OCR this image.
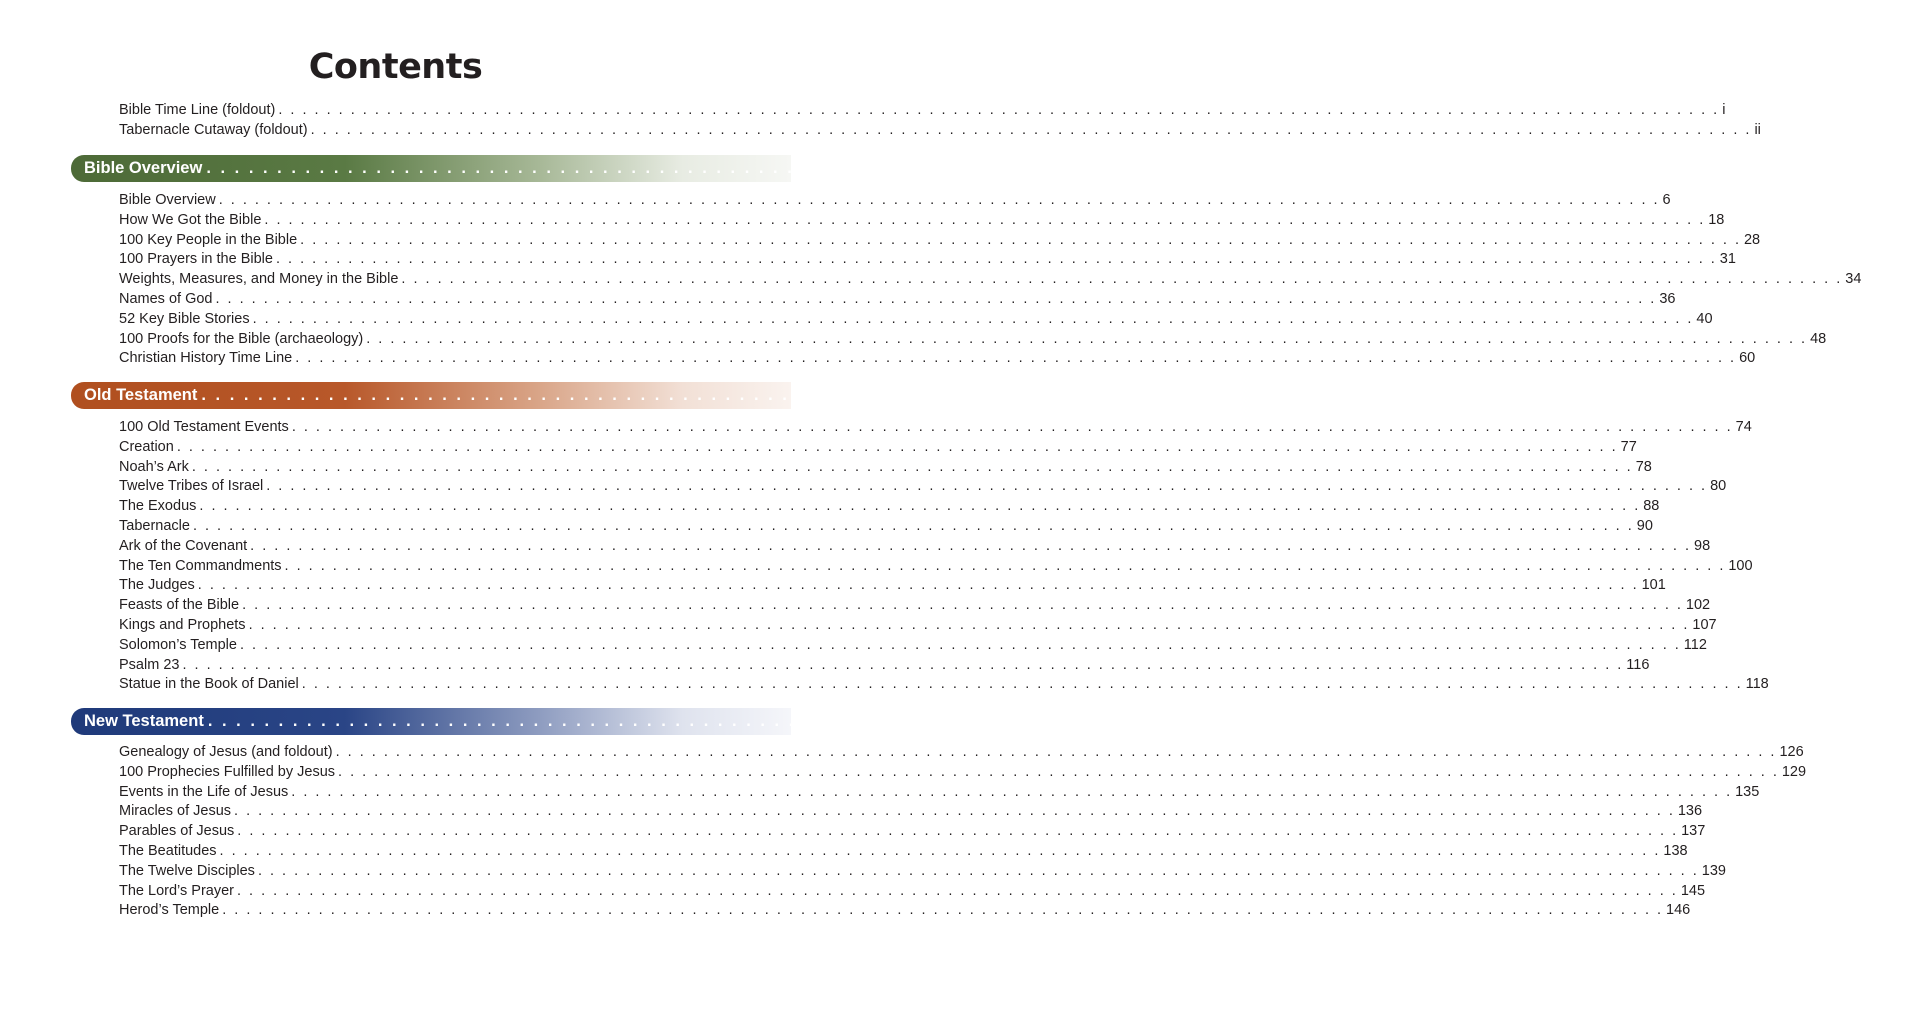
Contents
Bible Time Line (foldout) . . . . . . . . . . . . . . . . . . . . . . . . . . . . . . . . . . . . . . . . . . . . . . . . . . . . . . . . . . . . . . . . . . . . . . . . . . . . . . . . . . . . . . . . . . . . . . . . . . . . . . . . . . . . . . . . . . . . . . . . i
Tabernacle Cutaway (foldout) . . . . . . . . . . . . . . . . . . . . . . . . . . . . . . . . . . . . . . . . . . . . . . . . . . . . . . . . . . . . . . . . . . . . . . . . . . . . . . . . . . . . . . . . . . . . . . . . . . . . . . . . . . . . . . . . . . . . . . . . ii
Bible Overview . . . . . . . . . . . . . . . . . . . . . . . . . . . . . . . . . . . . . . . . . . . . . . . . . . . . . . . . . . . . . . . . . . . . . . . . . . . . . . . . . . . . . . . . . . . . . . . . . . . . . . . . . . . . . . . . . . . . . . . . 5
Bible Overview . . . . . . . . . . . . . . . . . . . . . . . . . . . . . . . . . . . . . . . . . . . . . . . . . . . . . . . . . . . . . . . . . . . . . . . . . . . . . . . . . . . . . . . . . . . . . . . . . . . . . . . . . . . . . . . . . . . . . . . . 6
How We Got the Bible . . . . . . . . . . . . . . . . . . . . . . . . . . . . . . . . . . . . . . . . . . . . . . . . . . . . . . . . . . . . . . . . . . . . . . . . . . . . . . . . . . . . . . . . . . . . . . . . . . . . . . . . . . . . . . . . . . . . . . . . 18
100 Key People in the Bible . . . . . . . . . . . . . . . . . . . . . . . . . . . . . . . . . . . . . . . . . . . . . . . . . . . . . . . . . . . . . . . . . . . . . . . . . . . . . . . . . . . . . . . . . . . . . . . . . . . . . . . . . . . . . . . . . . . . . . . . 28
100 Prayers in the Bible . . . . . . . . . . . . . . . . . . . . . . . . . . . . . . . . . . . . . . . . . . . . . . . . . . . . . . . . . . . . . . . . . . . . . . . . . . . . . . . . . . . . . . . . . . . . . . . . . . . . . . . . . . . . . . . . . . . . . . . . 31
Weights, Measures, and Money in the Bible . . . . . . . . . . . . . . . . . . . . . . . . . . . . . . . . . . . . . . . . . . . . . . . . . . . . . . . . . . . . . . . . . . . . . . . . . . . . . . . . . . . . . . . . . . . . . . . . . . . . . . . . . . . . . . . . . . . . . . . . 34
Names of God . . . . . . . . . . . . . . . . . . . . . . . . . . . . . . . . . . . . . . . . . . . . . . . . . . . . . . . . . . . . . . . . . . . . . . . . . . . . . . . . . . . . . . . . . . . . . . . . . . . . . . . . . . . . . . . . . . . . . . . . 36
52 Key Bible Stories . . . . . . . . . . . . . . . . . . . . . . . . . . . . . . . . . . . . . . . . . . . . . . . . . . . . . . . . . . . . . . . . . . . . . . . . . . . . . . . . . . . . . . . . . . . . . . . . . . . . . . . . . . . . . . . . . . . . . . . . 40
100 Proofs for the Bible (archaeology) . . . . . . . . . . . . . . . . . . . . . . . . . . . . . . . . . . . . . . . . . . . . . . . . . . . . . . . . . . . . . . . . . . . . . . . . . . . . . . . . . . . . . . . . . . . . . . . . . . . . . . . . . . . . . . . . . . . . . . . . 48
Christian History Time Line . . . . . . . . . . . . . . . . . . . . . . . . . . . . . . . . . . . . . . . . . . . . . . . . . . . . . . . . . . . . . . . . . . . . . . . . . . . . . . . . . . . . . . . . . . . . . . . . . . . . . . . . . . . . . . . . . . . . . . . . 60
Old Testament . . . . . . . . . . . . . . . . . . . . . . . . . . . . . . . . . . . . . . . . . . . . . . . . . . . . . . . . . . . . . . . . . . . . . . . . . . . . . . . . . . . . . . . . . . . . . . . . . . . . . . . . . . . . . . . . . . . . . . . . 73
100 Old Testament Events . . . . . . . . . . . . . . . . . . . . . . . . . . . . . . . . . . . . . . . . . . . . . . . . . . . . . . . . . . . . . . . . . . . . . . . . . . . . . . . . . . . . . . . . . . . . . . . . . . . . . . . . . . . . . . . . . . . . . . . . 74
Creation . . . . . . . . . . . . . . . . . . . . . . . . . . . . . . . . . . . . . . . . . . . . . . . . . . . . . . . . . . . . . . . . . . . . . . . . . . . . . . . . . . . . . . . . . . . . . . . . . . . . . . . . . . . . . . . . . . . . . . . . 77
Noah’s Ark . . . . . . . . . . . . . . . . . . . . . . . . . . . . . . . . . . . . . . . . . . . . . . . . . . . . . . . . . . . . . . . . . . . . . . . . . . . . . . . . . . . . . . . . . . . . . . . . . . . . . . . . . . . . . . . . . . . . . . . . 78
Twelve Tribes of Israel . . . . . . . . . . . . . . . . . . . . . . . . . . . . . . . . . . . . . . . . . . . . . . . . . . . . . . . . . . . . . . . . . . . . . . . . . . . . . . . . . . . . . . . . . . . . . . . . . . . . . . . . . . . . . . . . . . . . . . . . 80
The Exodus . . . . . . . . . . . . . . . . . . . . . . . . . . . . . . . . . . . . . . . . . . . . . . . . . . . . . . . . . . . . . . . . . . . . . . . . . . . . . . . . . . . . . . . . . . . . . . . . . . . . . . . . . . . . . . . . . . . . . . . . 88
Tabernacle . . . . . . . . . . . . . . . . . . . . . . . . . . . . . . . . . . . . . . . . . . . . . . . . . . . . . . . . . . . . . . . . . . . . . . . . . . . . . . . . . . . . . . . . . . . . . . . . . . . . . . . . . . . . . . . . . . . . . . . . 90
Ark of the Covenant . . . . . . . . . . . . . . . . . . . . . . . . . . . . . . . . . . . . . . . . . . . . . . . . . . . . . . . . . . . . . . . . . . . . . . . . . . . . . . . . . . . . . . . . . . . . . . . . . . . . . . . . . . . . . . . . . . . . . . . . 98
The Ten Commandments . . . . . . . . . . . . . . . . . . . . . . . . . . . . . . . . . . . . . . . . . . . . . . . . . . . . . . . . . . . . . . . . . . . . . . . . . . . . . . . . . . . . . . . . . . . . . . . . . . . . . . . . . . . . . . . . . . . . . . . . 100
The Judges . . . . . . . . . . . . . . . . . . . . . . . . . . . . . . . . . . . . . . . . . . . . . . . . . . . . . . . . . . . . . . . . . . . . . . . . . . . . . . . . . . . . . . . . . . . . . . . . . . . . . . . . . . . . . . . . . . . . . . . . 101
Feasts of the Bible . . . . . . . . . . . . . . . . . . . . . . . . . . . . . . . . . . . . . . . . . . . . . . . . . . . . . . . . . . . . . . . . . . . . . . . . . . . . . . . . . . . . . . . . . . . . . . . . . . . . . . . . . . . . . . . . . . . . . . . . 102
Kings and Prophets . . . . . . . . . . . . . . . . . . . . . . . . . . . . . . . . . . . . . . . . . . . . . . . . . . . . . . . . . . . . . . . . . . . . . . . . . . . . . . . . . . . . . . . . . . . . . . . . . . . . . . . . . . . . . . . . . . . . . . . . 107
Solomon’s Temple . . . . . . . . . . . . . . . . . . . . . . . . . . . . . . . . . . . . . . . . . . . . . . . . . . . . . . . . . . . . . . . . . . . . . . . . . . . . . . . . . . . . . . . . . . . . . . . . . . . . . . . . . . . . . . . . . . . . . . . . 112
Psalm 23 . . . . . . . . . . . . . . . . . . . . . . . . . . . . . . . . . . . . . . . . . . . . . . . . . . . . . . . . . . . . . . . . . . . . . . . . . . . . . . . . . . . . . . . . . . . . . . . . . . . . . . . . . . . . . . . . . . . . . . . . 116
Statue in the Book of Daniel . . . . . . . . . . . . . . . . . . . . . . . . . . . . . . . . . . . . . . . . . . . . . . . . . . . . . . . . . . . . . . . . . . . . . . . . . . . . . . . . . . . . . . . . . . . . . . . . . . . . . . . . . . . . . . . . . . . . . . . . 118
New Testament . . . . . . . . . . . . . . . . . . . . . . . . . . . . . . . . . . . . . . . . . . . . . . . . . . . . . . . . . . . . . . . . . . . . . . . . . . . . . . . . . . . . . . . . . . . . . . . . . . . . . . . . . . . . . . . . . . . . . . . . 125
Genealogy of Jesus (and foldout) . . . . . . . . . . . . . . . . . . . . . . . . . . . . . . . . . . . . . . . . . . . . . . . . . . . . . . . . . . . . . . . . . . . . . . . . . . . . . . . . . . . . . . . . . . . . . . . . . . . . . . . . . . . . . . . . . . . . . . . . 126
100 Prophecies Fulfilled by Jesus . . . . . . . . . . . . . . . . . . . . . . . . . . . . . . . . . . . . . . . . . . . . . . . . . . . . . . . . . . . . . . . . . . . . . . . . . . . . . . . . . . . . . . . . . . . . . . . . . . . . . . . . . . . . . . . . . . . . . . . . 129
Events in the Life of Jesus . . . . . . . . . . . . . . . . . . . . . . . . . . . . . . . . . . . . . . . . . . . . . . . . . . . . . . . . . . . . . . . . . . . . . . . . . . . . . . . . . . . . . . . . . . . . . . . . . . . . . . . . . . . . . . . . . . . . . . . . 135
Miracles of Jesus . . . . . . . . . . . . . . . . . . . . . . . . . . . . . . . . . . . . . . . . . . . . . . . . . . . . . . . . . . . . . . . . . . . . . . . . . . . . . . . . . . . . . . . . . . . . . . . . . . . . . . . . . . . . . . . . . . . . . . . . 136
Parables of Jesus . . . . . . . . . . . . . . . . . . . . . . . . . . . . . . . . . . . . . . . . . . . . . . . . . . . . . . . . . . . . . . . . . . . . . . . . . . . . . . . . . . . . . . . . . . . . . . . . . . . . . . . . . . . . . . . . . . . . . . . . 137
The Beatitudes . . . . . . . . . . . . . . . . . . . . . . . . . . . . . . . . . . . . . . . . . . . . . . . . . . . . . . . . . . . . . . . . . . . . . . . . . . . . . . . . . . . . . . . . . . . . . . . . . . . . . . . . . . . . . . . . . . . . . . . . 138
The Twelve Disciples . . . . . . . . . . . . . . . . . . . . . . . . . . . . . . . . . . . . . . . . . . . . . . . . . . . . . . . . . . . . . . . . . . . . . . . . . . . . . . . . . . . . . . . . . . . . . . . . . . . . . . . . . . . . . . . . . . . . . . . . 139
The Lord’s Prayer . . . . . . . . . . . . . . . . . . . . . . . . . . . . . . . . . . . . . . . . . . . . . . . . . . . . . . . . . . . . . . . . . . . . . . . . . . . . . . . . . . . . . . . . . . . . . . . . . . . . . . . . . . . . . . . . . . . . . . . . 145
Herod’s Temple . . . . . . . . . . . . . . . . . . . . . . . . . . . . . . . . . . . . . . . . . . . . . . . . . . . . . . . . . . . . . . . . . . . . . . . . . . . . . . . . . . . . . . . . . . . . . . . . . . . . . . . . . . . . . . . . . . . . . . . . 146
